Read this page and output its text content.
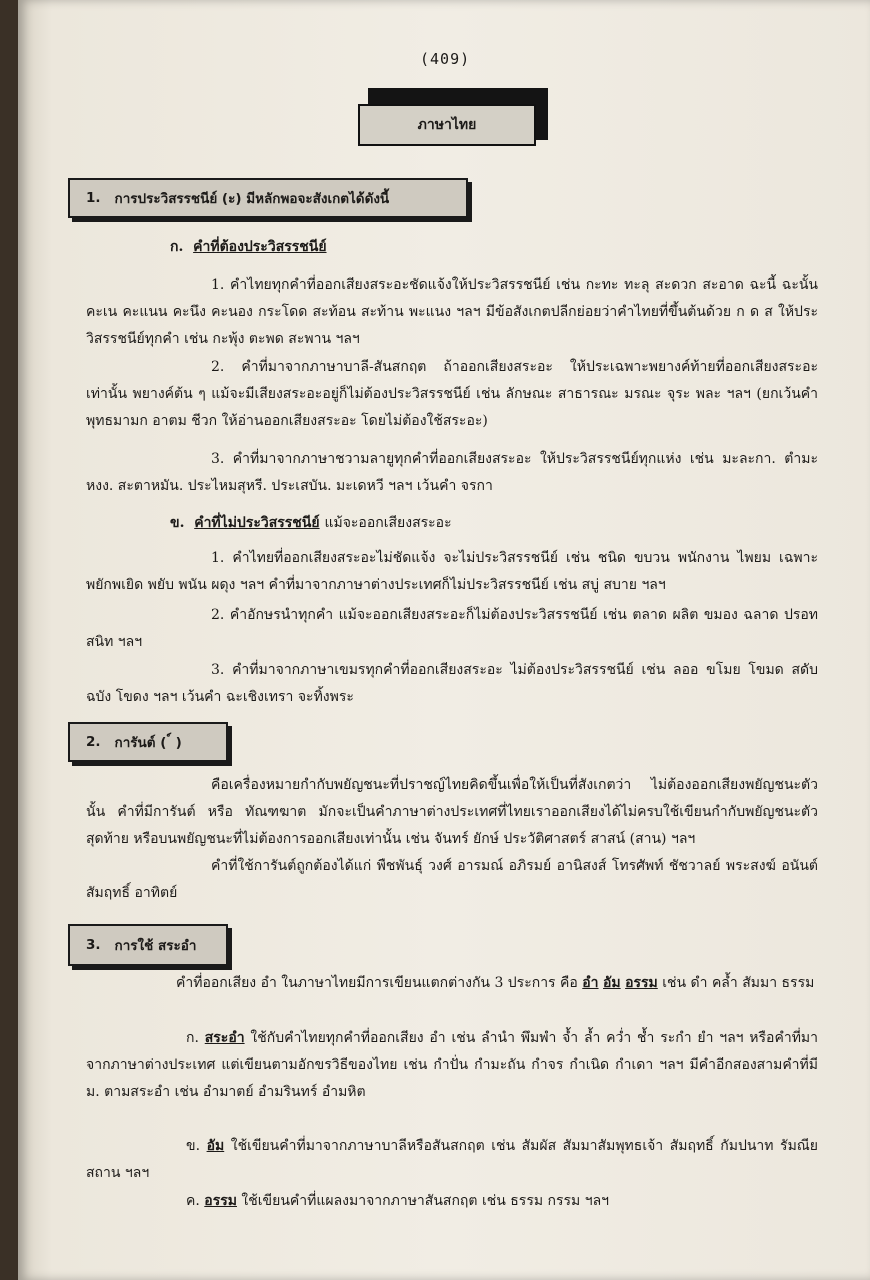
(409)
ภาษาไทย
1. การประวิสรรชนีย์ (ะ) มีหลักพอจะสังเกตได้ดังนี้
ก. คำที่ต้องประวิสรรชนีย์
1. คำไทยทุกคำที่ออกเสียงสระอะชัดแจ้งให้ประวิสรรชนีย์ เช่น กะทะ ทะลุ สะดวก สะอาด ฉะนี้ ฉะนั้น คะเน คะแนน คะนึง คะนอง กระโดด สะท้อน สะท้าน พะแนง ฯลฯ มีข้อสังเกตปลีกย่อยว่าคำไทยที่ขึ้นต้นด้วย ก ด ส ให้ประวิสรรชนีย์ทุกคำ เช่น กะพุ้ง ตะพด สะพาน ฯลฯ
2. คำที่มาจากภาษาบาลี-สันสกฤต ถ้าออกเสียงสระอะ ให้ประเฉพาะพยางค์ท้ายที่ออกเสียงสระอะเท่านั้น พยางค์ต้น ๆ แม้จะมีเสียงสระอะอยู่ก็ไม่ต้องประวิสรรชนีย์ เช่น ลักษณะ สาธารณะ มรณะ จุระ พละ ฯลฯ (ยกเว้นคำ พุทธมามก อาตม ชีวก ให้อ่านออกเสียงสระอะ โดยไม่ต้องใช้สระอะ)
3. คำที่มาจากภาษาชวามลายูทุกคำที่ออกเสียงสระอะ ให้ประวิสรรชนีย์ทุกแห่ง เช่น มะละกา. ตำมะหงง. สะตาหมัน. ประไหมสุหรี. ประเสบัน. มะเดหวี ฯลฯ เว้นคำ จรกา
ข. คำที่ไม่ประวิสรรชนีย์ แม้จะออกเสียงสระอะ
1. คำไทยที่ออกเสียงสระอะไม่ชัดแจ้ง จะไม่ประวิสรรชนีย์ เช่น ชนิด ขบวน พนักงาน ไพยม เฉพาะ พยักพเยิด พยับ พนัน ผดุง ฯลฯ คำที่มาจากภาษาต่างประเทศก็ไม่ประวิสรรชนีย์ เช่น สบู่ สบาย ฯลฯ
2. คำอักษรนำทุกคำ แม้จะออกเสียงสระอะก็ไม่ต้องประวิสรรชนีย์ เช่น ตลาด ผลิต ขมอง ฉลาด ปรอท สนิท ฯลฯ
3. คำที่มาจากภาษาเขมรทุกคำที่ออกเสียงสระอะ ไม่ต้องประวิสรรชนีย์ เช่น ลออ ขโมย โขมด สดับ ฉบัง โขดง ฯลฯ เว้นคำ ฉะเชิงเทรา จะทิ้งพระ
2. การันต์ ( ์ )
คือเครื่องหมายกำกับพยัญชนะที่ปราชญ์ไทยคิดขึ้นเพื่อให้เป็นที่สังเกตว่า ไม่ต้องออกเสียงพยัญชนะตัวนั้น คำที่มีการันต์ หรือ ทัณฑฆาต มักจะเป็นคำภาษาต่างประเทศที่ไทยเราออกเสียงได้ไม่ครบใช้เขียนกำกับพยัญชนะตัวสุดท้าย หรือบนพยัญชนะที่ไม่ต้องการออกเสียงเท่านั้น เช่น จันทร์ ยักษ์ ประวัติศาสตร์ สาสน์ (สาน) ฯลฯ
คำที่ใช้การันต์ถูกต้องได้แก่ พืชพันธุ์ วงศ์ อารมณ์ อภิรมย์ อานิสงส์ โทรศัพท์ ชัชวาลย์ พระสงฆ์ อนันต์ สัมฤทธิ์ อาทิตย์
3. การใช้ สระอำ
คำที่ออกเสียง อำ ในภาษาไทยมีการเขียนแตกต่างกัน 3 ประการ คือ อำ อัม อรรม เช่น ดำ คล้ำ สัมมา ธรรม
ก. สระอำ ใช้กับคำไทยทุกคำที่ออกเสียง อำ เช่น ลำนำ พึมพำ จ้ำ ล้ำ คว่ำ ช้ำ ระกำ ยำ ฯลฯ หรือคำที่มาจากภาษาต่างประเทศ แต่เขียนตามอักขรวิธีของไทย เช่น กำปั่น กำมะถัน กำจร กำเนิด กำเดา ฯลฯ มีคำอีกสองสามคำที่มี ม. ตามสระอำ เช่น อำมาตย์ อำมรินทร์ อำมหิต
ข. อัม ใช้เขียนคำที่มาจากภาษาบาลีหรือสันสกฤต เช่น สัมผัส สัมมาสัมพุทธเจ้า สัมฤทธิ์ กัมปนาท รัมณียสถาน ฯลฯ
ค. อรรม ใช้เขียนคำที่แผลงมาจากภาษาสันสกฤต เช่น ธรรม กรรม ฯลฯ
